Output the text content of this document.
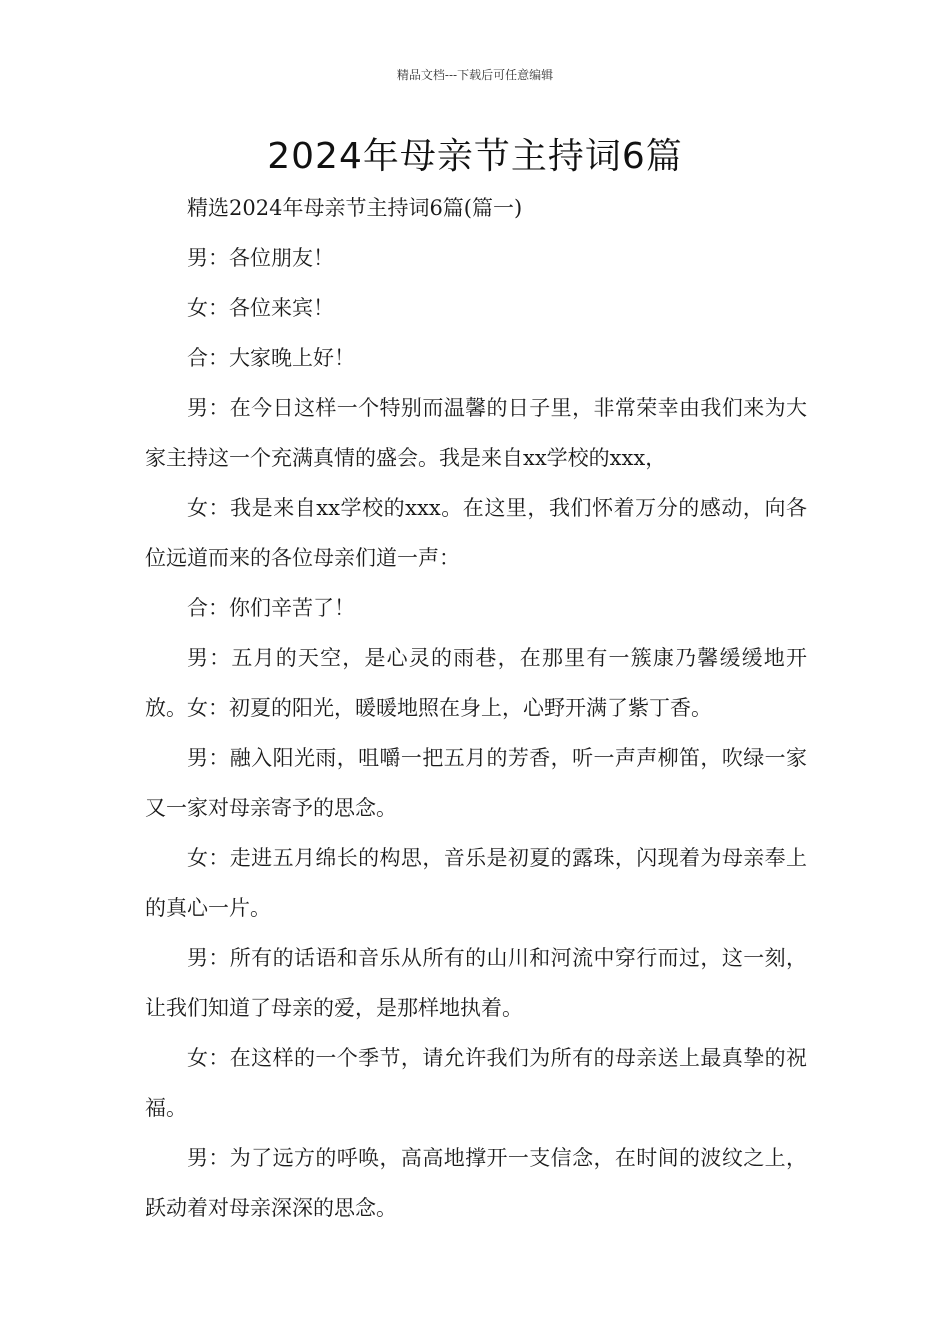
精品文档---下载后可任意编辑
2024年母亲节主持词6篇

精选2024年母亲节主持词6篇(篇一)

男：各位朋友！

女：各位来宾！

合：大家晚上好！

男：在今日这样一个特别而温馨的日子里，非常荣幸由我们来为大家主持这一个充满真情的盛会。我是来自xx学校的xxx，

女：我是来自xx学校的xxx。在这里，我们怀着万分的感动，向各位远道而来的各位母亲们道一声：

合：你们辛苦了！

男：五月的天空，是心灵的雨巷，在那里有一簇康乃馨缓缓地开放。女：初夏的阳光，暖暖地照在身上，心野开满了紫丁香。

男：融入阳光雨，咀嚼一把五月的芳香，听一声声柳笛，吹绿一家又一家对母亲寄予的思念。

女：走进五月绵长的构思，音乐是初夏的露珠，闪现着为母亲奉上的真心一片。

男：所有的话语和音乐从所有的山川和河流中穿行而过，这一刻，让我们知道了母亲的爱，是那样地执着。

女：在这样的一个季节，请允许我们为所有的母亲送上最真挚的祝福。

男：为了远方的呼唤，高高地撑开一支信念，在时间的波纹之上，跃动着对母亲深深的思念。
